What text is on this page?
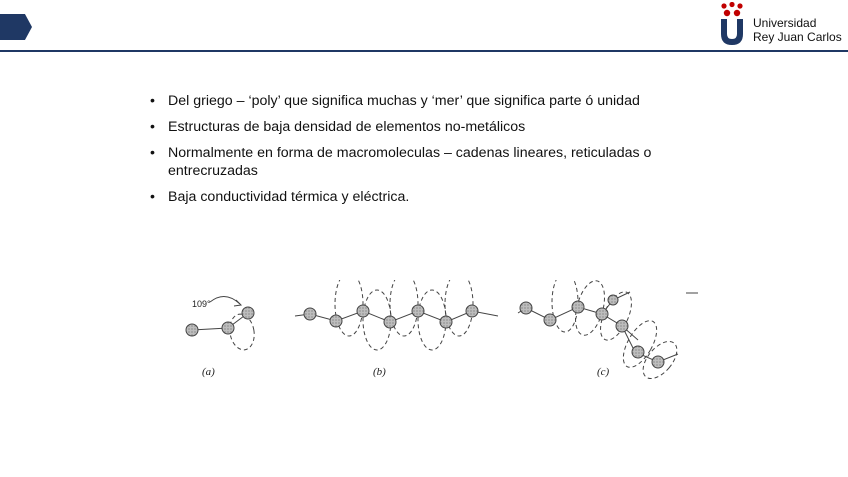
Universidad
Rey Juan Carlos
• Del griego – ‘poly’ que significa muchas y ‘mer’ que significa parte ó unidad
• Estructuras de baja densidad de elementos no-metálicos
• Normalmente en forma de macromoleculas – cadenas lineares, reticuladas o entrecruzadas
• Baja conductividad térmica y eléctrica.
109°
(a)	(b)	(c)
